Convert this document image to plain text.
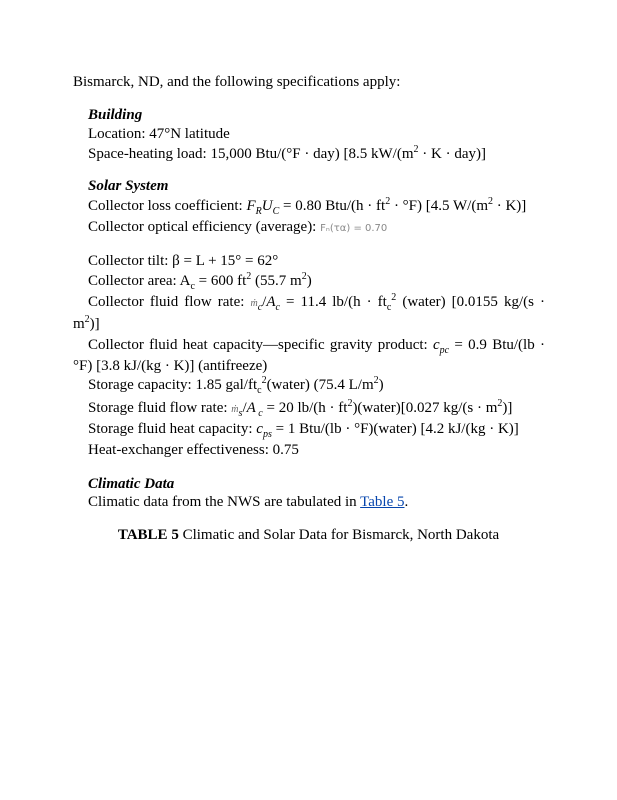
Bismarck, ND, and the following specifications apply:
Building
Location: 47°N latitude
Space-heating load: 15,000 Btu/(°F · day) [8.5 $kW/(m^2 \cdot K \cdot day)$]
Solar System
Collector loss coefficient: $F_RU_C = 0.80$ $Btu/(h \cdot ft^2 \cdot ^\circ F)$ [4.5 $W/(m^2 \cdot K)$]
Collector optical efficiency (average): Fₙ(τα) = 0.70
Collector tilt: β = L + 15° = 62°
Collector area: $A_c = 600$ $ft^2$ (55.7 $m^2$)
Collector fluid flow rate: $ṁ_c/A_c = 11.4$ $lb/(h \cdot ft_c^2$ (water) [0.0155 $kg/(s \cdot m^2)$]
Collector fluid heat capacity—specific gravity product: $c_{pc} = 0.9$ Btu/(lb · °F) [3.8 kJ/(kg · K)] (antifreeze)
Storage capacity: 1.85 gal/$ft_c^2(water)$ (75.4 $L/m^2$)
Storage fluid flow rate: ṁ$_s$/A $_c$ = 20 $lb/(h \cdot ft^2)(water)[0.027$ $kg/(s \cdot m^2)$]
Storage fluid heat capacity: $c_{ps} = 1$ Btu/(lb · °F)(water) [4.2 kJ/(kg · K)]
Heat-exchanger effectiveness: 0.75
Climatic Data
Climatic data from the NWS are tabulated in Table 5.
TABLE 5 Climatic and Solar Data for Bismarck, North Dakota
